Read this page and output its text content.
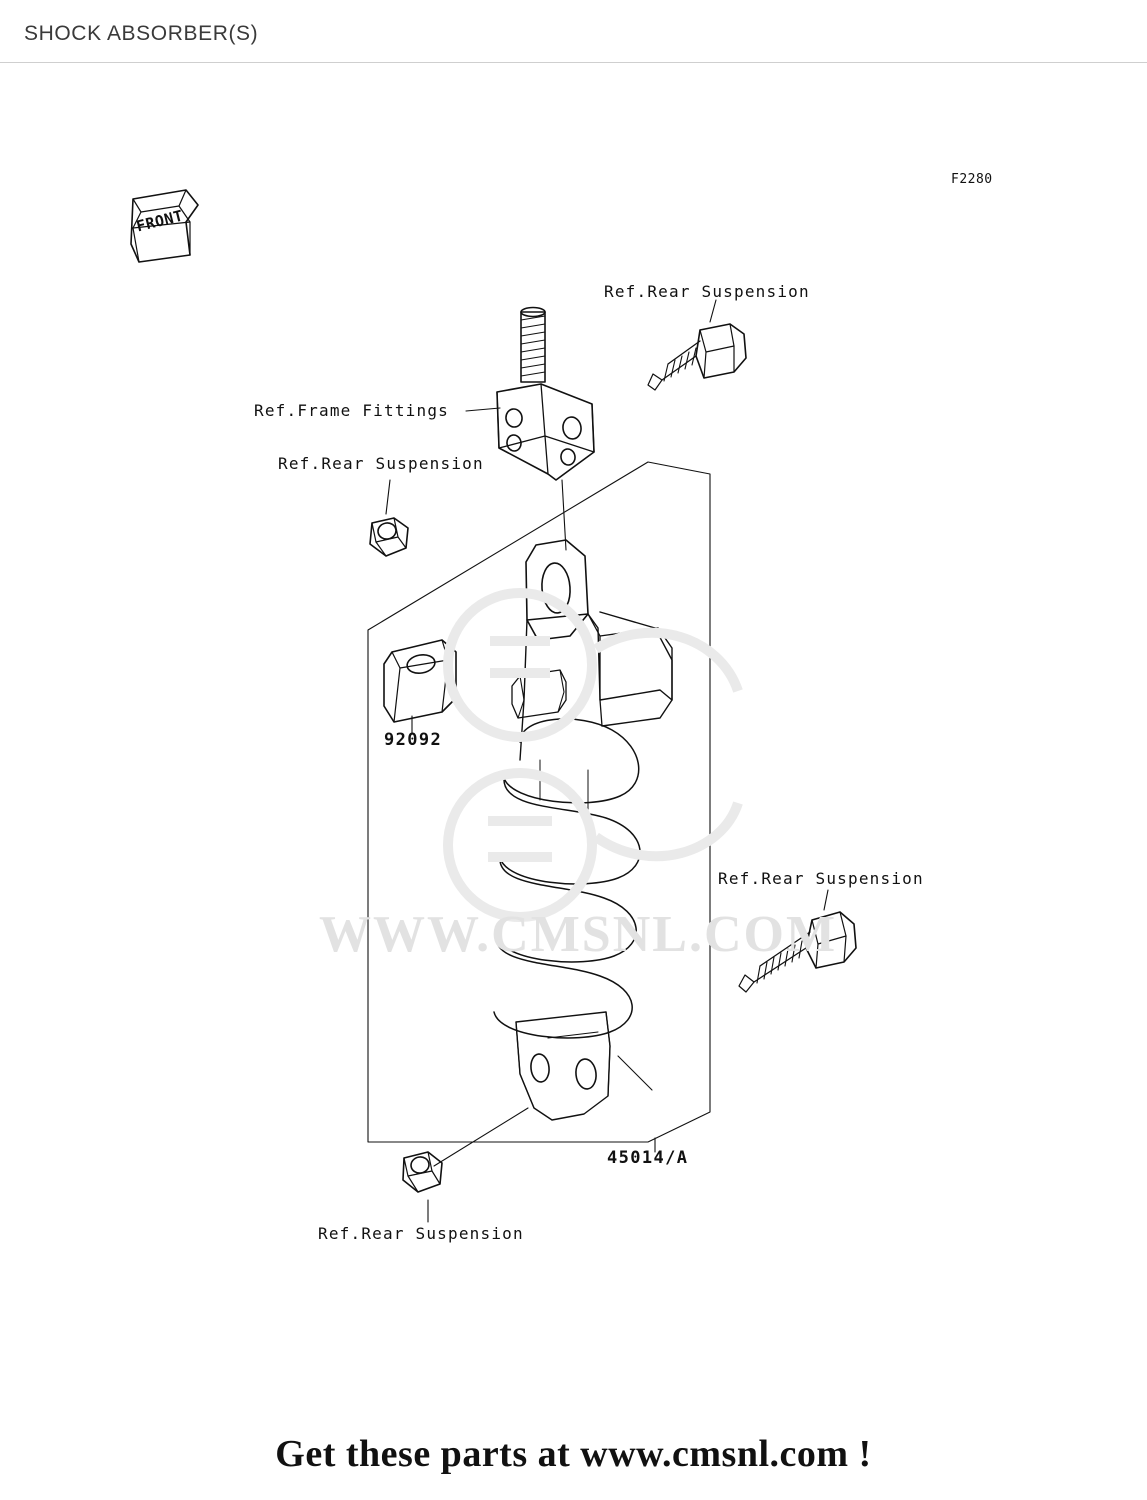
SHOCK ABSORBER(S)
F2280
WWW.CMSNL.COM
FRONT
Ref.Rear Suspension
Ref.Frame Fittings
Ref.Rear Suspension
Ref.Rear Suspension
Ref.Rear Suspension
92092
45014/A
Get these parts at www.cmsnl.com !
